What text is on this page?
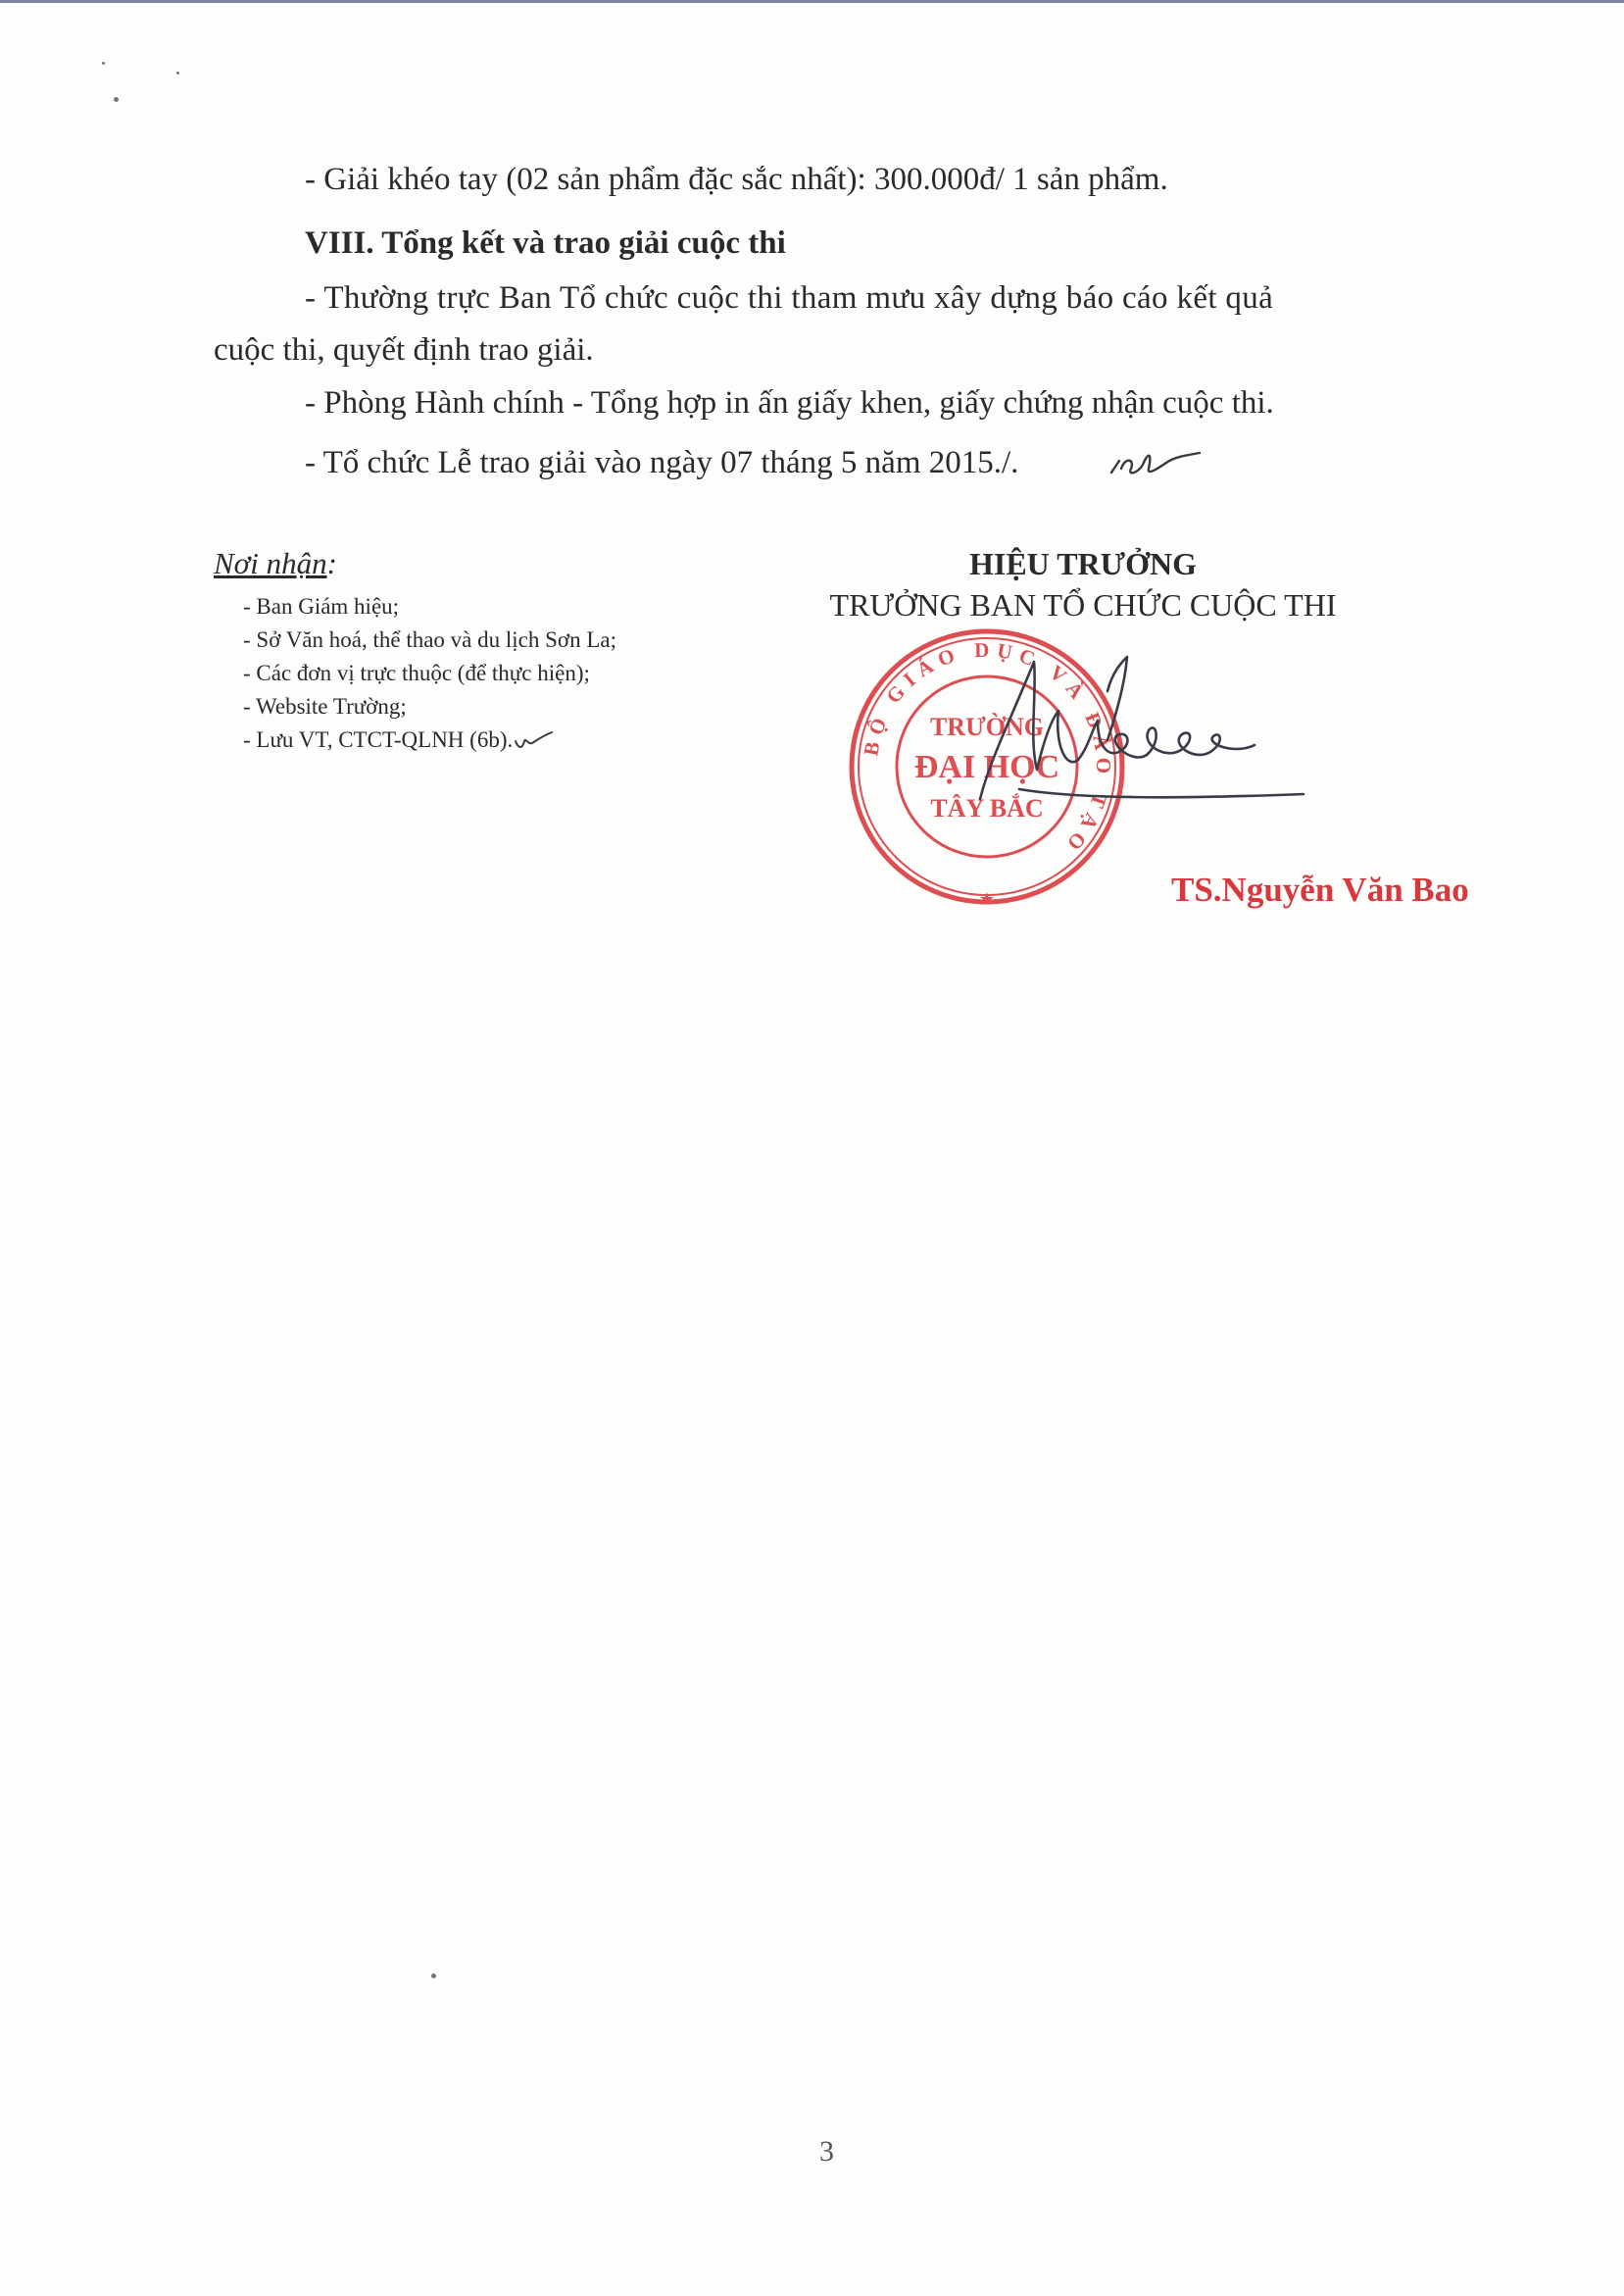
- Giải khéo tay (02 sản phẩm đặc sắc nhất): 300.000đ/ 1 sản phẩm.
VIII. Tổng kết và trao giải cuộc thi
- Thường trực Ban Tổ chức cuộc thi tham mưu xây dựng báo cáo kết quả
cuộc thi, quyết định trao giải.
- Phòng Hành chính - Tổng hợp in ấn giấy khen, giấy chứng nhận cuộc thi.
- Tổ chức Lễ trao giải vào ngày 07 tháng 5 năm 2015./.
Nơi nhận:
- Ban Giám hiệu;
- Sở Văn hoá, thể thao và du lịch Sơn La;
- Các đơn vị trực thuộc (để thực hiện);
- Website Trường;
- Lưu VT, CTCT-QLNH (6b).
HIỆU TRƯỞNG
TRƯỞNG BAN TỔ CHỨC CUỘC THI
BỘ GIÁO DỤC VÀ ĐÀO TẠO
★
TRƯỜNG
ĐẠI HỌC
TÂY BẮC
TS.Nguyễn Văn Bao
3
